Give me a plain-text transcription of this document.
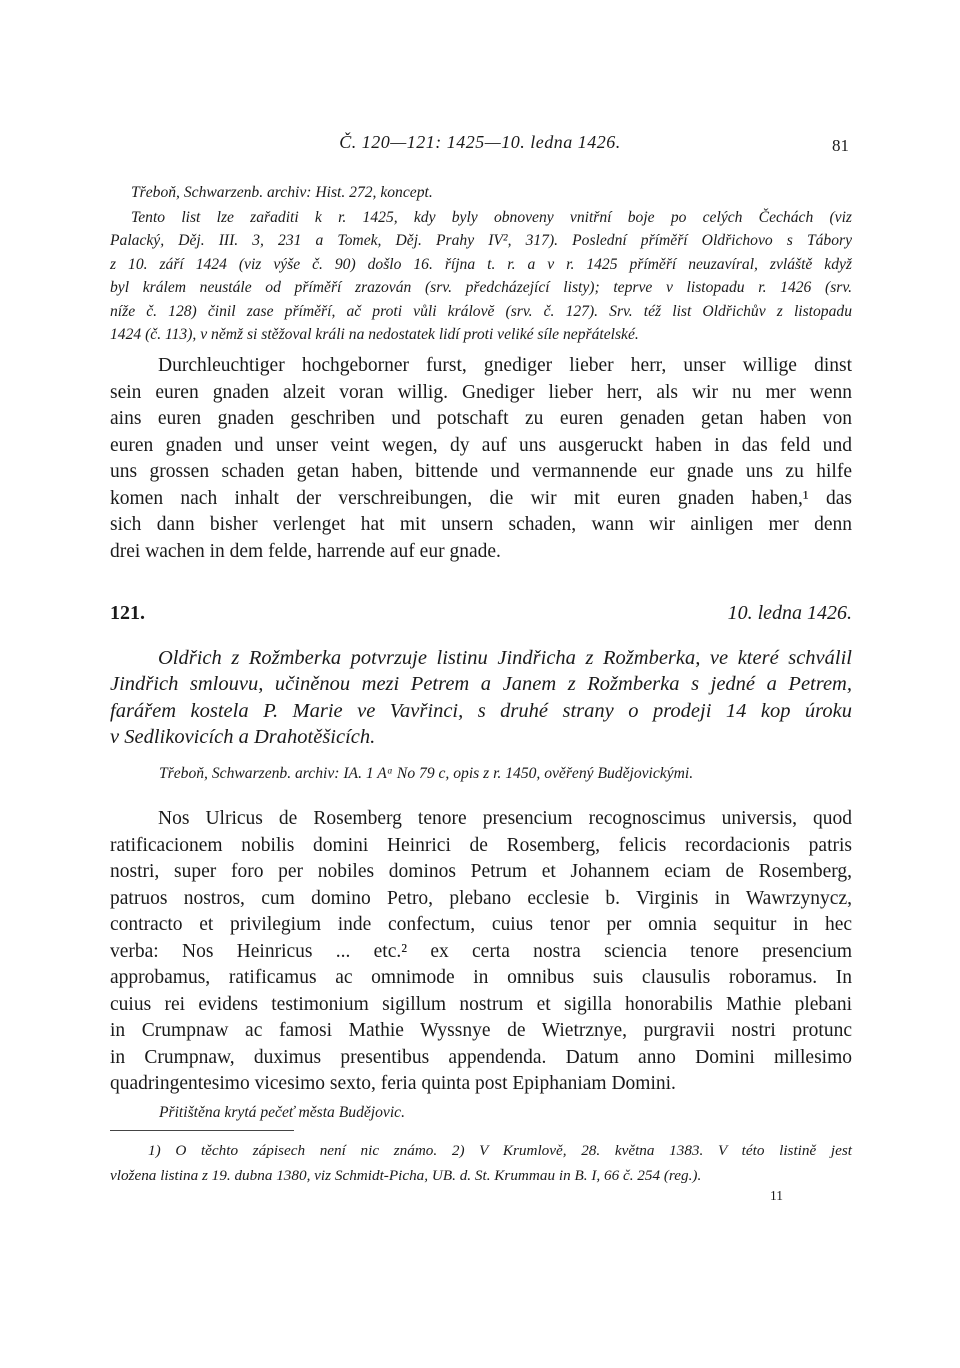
Č. 120—121: 1425—10. ledna 1426.	81
Třeboň, Schwarzenb. archiv: Hist. 272, koncept.
Tento list lze zařaditi k r. 1425, kdy byly obnoveny vnitřní boje po celých Čechách (viz
Palacký, Děj. III. 3, 231 a Tomek, Děj. Prahy IV², 317). Poslední příměří Oldřichovo s Tábory
z 10. září 1424 (viz výše č. 90) došlo 16. října t. r. a v r. 1425 příměří neuzavíral, zvláště když
byl králem neustále od příměří zrazován (srv. předcházející listy); teprve v listopadu r. 1426 (srv.
níže č. 128) činil zase příměří, ač proti vůli královĕ (srv. č. 127). Srv. též list Oldřichův z listopadu
1424 (č. 113), v němž si stěžoval králi na nedostatek lidí proti veliké síle nepřátelské.
Durchleuchtiger hochgeborner furst, gnediger lieber herr, unser willige dinst
sein euren gnaden alzeit voran willig. Gnediger lieber herr, als wir nu mer wenn
ains euren gnaden geschriben und potschaft zu euren genaden getan haben von
euren gnaden und unser veint wegen, dy auf uns ausgeruckt haben in das feld und
uns grossen schaden getan haben, bittende und vermannende eur gnade uns zu hilfe
komen nach inhalt der verschreibungen, die wir mit euren gnaden haben,¹ das
sich dann bisher verlenget hat mit unsern schaden, wann wir ainligen mer denn
drei wachen in dem felde, harrende auf eur gnade.
121.	10. ledna 1426.
Oldřich z Rožmberka potvrzuje listinu Jindřicha z Rožmberka, ve které schválil
Jindřich smlouvu, učiněnou mezi Petrem a Janem z Rožmberka s jedné a Petrem,
farářem kostela P. Marie ve Vavřinci, s druhé strany o prodeji 14 kop úroku
v Sedlikovicích a Drahotěšicích.
Třeboň, Schwarzenb. archiv: IA. 1 Aᵅ No 79 c, opis z r. 1450, ověřený Budějovickými.
Nos Ulricus de Rosemberg tenore presencium recognoscimus universis, quod
ratificacionem nobilis domini Heinrici de Rosemberg, felicis recordacionis patris
nostri, super foro per nobiles dominos Petrum et Johannem eciam de Rosemberg,
patruos nostros, cum domino Petro, plebano ecclesie b. Virginis in Wawrzynycz,
contracto et privilegium inde confectum, cuius tenor per omnia sequitur in hec
verba: Nos Heinricus ... etc.² ex certa nostra sciencia tenore presencium
approbamus, ratificamus ac omnimode in omnibus suis clausulis roboramus. In
cuius rei evidens testimonium sigillum nostrum et sigilla honorabilis Mathie plebani
in Crumpnaw ac famosi Mathie Wyssnye de Wietrznye, purgravii nostri protunc
in Crumpnaw, duximus presentibus appendenda. Datum anno Domini millesimo
quadringentesimo vicesimo sexto, feria quinta post Epiphaniam Domini.
Přitištěna krytá pečeť města Budějovic.
1) O těchto zápisech není nic známo. 2) V Krumlově, 28. května 1383. V této listině jest
vložena listina z 19. dubna 1380, viz Schmidt-Picha, UB. d. St. Krummau in B. I, 66 č. 254 (reg.).
11
